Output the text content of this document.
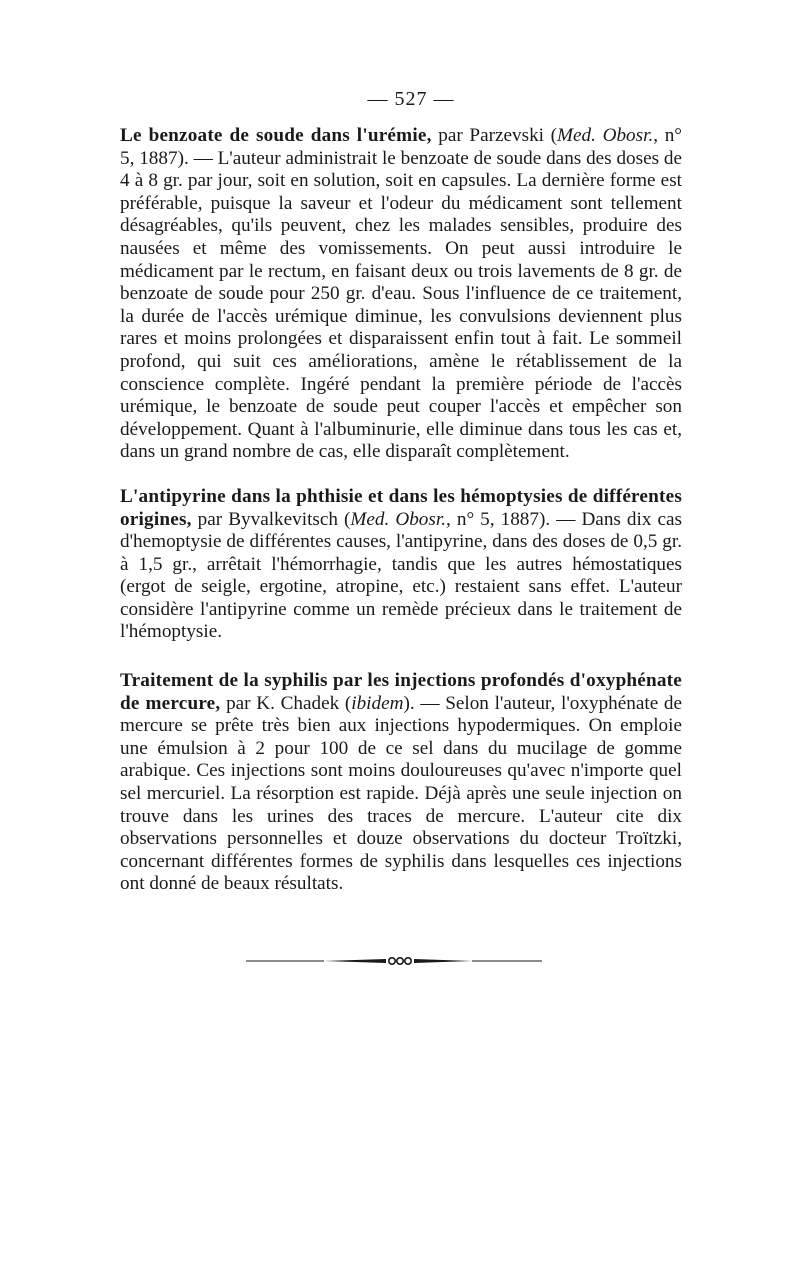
— 527 —

Le benzoate de soude dans l'urémie, par Parzevski (Med. Obosr., n° 5, 1887). — L'auteur administrait le benzoate de soude dans des doses de 4 à 8 gr. par jour, soit en solution, soit en capsules. La dernière forme est préférable, puisque la saveur et l'odeur du médicament sont tellement désagréables, qu'ils peuvent, chez les malades sensibles, produire des nausées et même des vomissements. On peut aussi introduire le médicament par le rectum, en faisant deux ou trois lavements de 8 gr. de benzoate de soude pour 250 gr. d'eau. Sous l'influence de ce traitement, la durée de l'accès urémique diminue, les convulsions deviennent plus rares et moins prolongées et disparaissent enfin tout à fait. Le sommeil profond, qui suit ces améliorations, amène le rétablissement de la conscience complète. Ingéré pendant la première période de l'accès urémique, le benzoate de soude peut couper l'accès et empêcher son développement. Quant à l'albuminurie, elle diminue dans tous les cas et, dans un grand nombre de cas, elle disparaît complètement.

L'antipyrine dans la phthisie et dans les hémoptysies de différentes origines, par Byvalkevitsch (Med. Obosr., n° 5, 1887). — Dans dix cas d'hemoptysie de différentes causes, l'antipyrine, dans des doses de 0,5 gr. à 1,5 gr., arrêtait l'hémorrhagie, tandis que les autres hémostatiques (ergot de seigle, ergotine, atropine, etc.) restaient sans effet. L'auteur considère l'antipyrine comme un remède précieux dans le traitement de l'hémoptysie.

Traitement de la syphilis par les injections profondés d'oxyphénate de mercure, par K. Chadek (ibidem). — Selon l'auteur, l'oxyphénate de mercure se prête très bien aux injections hypodermiques. On emploie une émulsion à 2 pour 100 de ce sel dans du mucilage de gomme arabique. Ces injections sont moins douloureuses qu'avec n'importe quel sel mercuriel. La résorption est rapide. Déjà après une seule injection on trouve dans les urines des traces de mercure. L'auteur cite dix observations personnelles et douze observations du docteur Troïtzki, concernant différentes formes de syphilis dans lesquelles ces injections ont donné de beaux résultats.
